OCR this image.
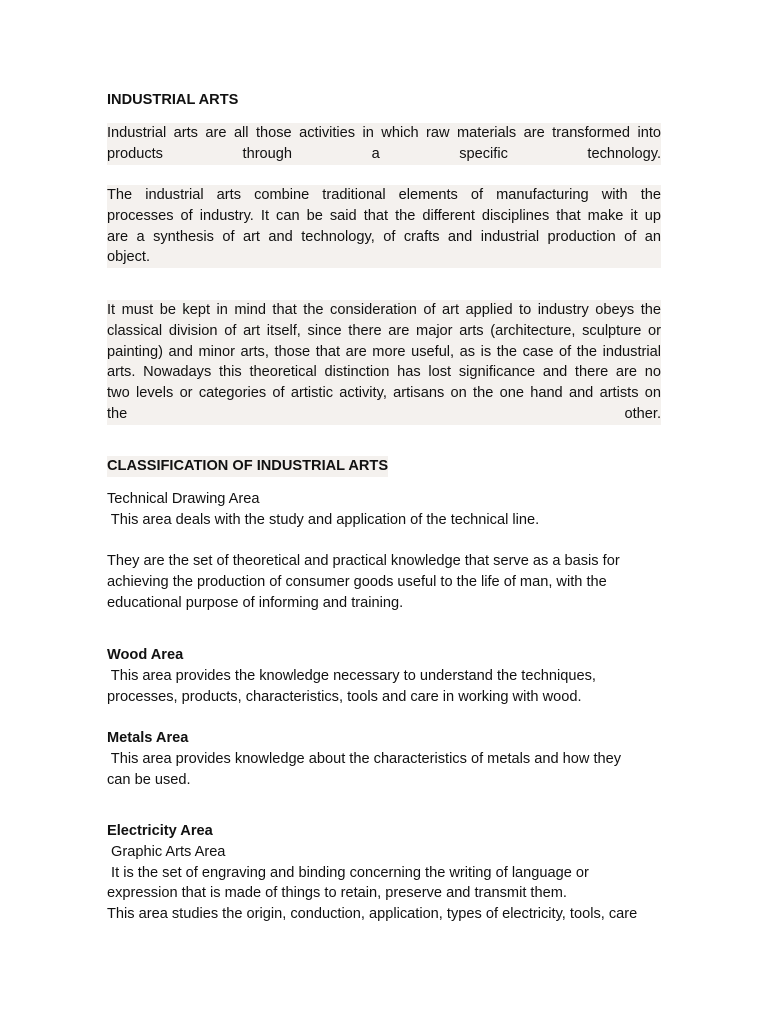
INDUSTRIAL ARTS
Industrial arts are all those activities in which raw materials are transformed into
products through a specific technology.
The industrial arts combine traditional elements of manufacturing with the
processes of industry. It can be said that the different disciplines that make it up
are a synthesis of art and technology, of crafts and industrial production of an
object.
It must be kept in mind that the consideration of art applied to industry obeys the
classical division of art itself, since there are major arts (architecture, sculpture or
painting) and minor arts, those that are more useful, as is the case of the industrial
arts. Nowadays this theoretical distinction has lost significance and there are no
two levels or categories of artistic activity, artisans on the one hand and artists on
the other.
CLASSIFICATION OF INDUSTRIAL ARTS
Technical Drawing Area
This area deals with the study and application of the technical line.
They are the set of theoretical and practical knowledge that serve as a basis for
achieving the production of consumer goods useful to the life of man, with the
educational purpose of informing and training.
Wood Area
This area provides the knowledge necessary to understand the techniques,
processes, products, characteristics, tools and care in working with wood.
Metals Area
This area provides knowledge about the characteristics of metals and how they
can be used.
Electricity Area
Graphic Arts Area
It is the set of engraving and binding concerning the writing of language or
expression that is made of things to retain, preserve and transmit them.
This area studies the origin, conduction, application, types of electricity, tools, care
